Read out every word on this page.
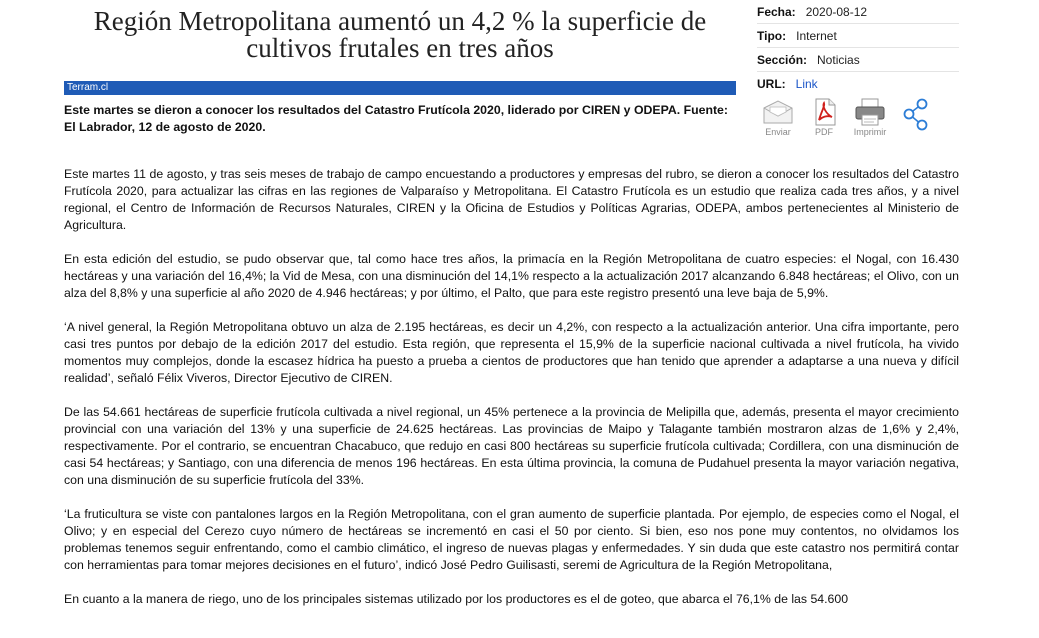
Región Metropolitana aumentó un 4,2 % la superficie de cultivos frutales en tres años
Fecha: 2020-08-12
Tipo: Internet
Sección: Noticias
URL: Link
Enviar	PDF	Imprimir
Terram.cl

Este martes se dieron a conocer los resultados del Catastro Frutícola 2020, liderado por CIREN y ODEPA. Fuente: El Labrador, 12 de agosto de 2020.

Este martes 11 de agosto, y tras seis meses de trabajo de campo encuestando a productores y empresas del rubro, se dieron a conocer los resultados del Catastro Frutícola 2020, para actualizar las cifras en las regiones de Valparaíso y Metropolitana. El Catastro Frutícola es un estudio que realiza cada tres años, y a nivel regional, el Centro de Información de Recursos Naturales, CIREN y la Oficina de Estudios y Políticas Agrarias, ODEPA, ambos pertenecientes al Ministerio de Agricultura.

En esta edición del estudio, se pudo observar que, tal como hace tres años, la primacía en la Región Metropolitana de cuatro especies: el Nogal, con 16.430 hectáreas y una variación del 16,4%; la Vid de Mesa, con una disminución del 14,1% respecto a la actualización 2017 alcanzando 6.848 hectáreas; el Olivo, con un alza del 8,8% y una superficie al año 2020 de 4.946 hectáreas; y por último, el Palto, que para este registro presentó una leve baja de 5,9%.

‘A nivel general, la Región Metropolitana obtuvo un alza de 2.195 hectáreas, es decir un 4,2%, con respecto a la actualización anterior. Una cifra importante, pero casi tres puntos por debajo de la edición 2017 del estudio. Esta región, que representa el 15,9% de la superficie nacional cultivada a nivel frutícola, ha vivido momentos muy complejos, donde la escasez hídrica ha puesto a prueba a cientos de productores que han tenido que aprender a adaptarse a una nueva y difícil realidad’, señaló Félix Viveros, Director Ejecutivo de CIREN.

De las 54.661 hectáreas de superficie frutícola cultivada a nivel regional, un 45% pertenece a la provincia de Melipilla que, además, presenta el mayor crecimiento provincial con una variación del 13% y una superficie de 24.625 hectáreas. Las provincias de Maipo y Talagante también mostraron alzas de 1,6% y 2,4%, respectivamente. Por el contrario, se encuentran Chacabuco, que redujo en casi 800 hectáreas su superficie frutícola cultivada; Cordillera, con una disminución de casi 54 hectáreas; y Santiago, con una diferencia de menos 196 hectáreas. En esta última provincia, la comuna de Pudahuel presenta la mayor variación negativa, con una disminución de su superficie frutícola del 33%.

‘La fruticultura se viste con pantalones largos en la Región Metropolitana, con el gran aumento de superficie plantada. Por ejemplo, de especies como el Nogal, el Olivo; y en especial del Cerezo cuyo número de hectáreas se incrementó en casi el 50 por ciento. Si bien, eso nos pone muy contentos, no olvidamos los problemas tenemos seguir enfrentando, como el cambio climático, el ingreso de nuevas plagas y enfermedades. Y sin duda que este catastro nos permitirá contar con herramientas para tomar mejores decisiones en el futuro’, indicó José Pedro Guilisasti, seremi de Agricultura de la Región Metropolitana,

En cuanto a la manera de riego, uno de los principales sistemas utilizado por los productores es el de goteo, que abarca el 76,1% de las 54.600
